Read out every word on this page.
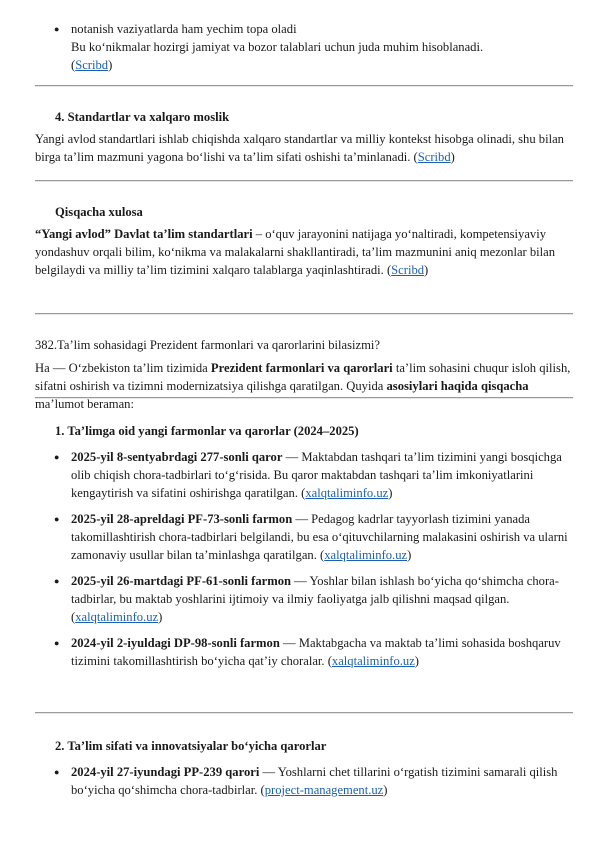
● notanish vaziyatlarda ham yechim topa oladi
Bu ko‘nikmalar hozirgi jamiyat va bozor talablari uchun juda muhim hisoblanadi.
(Scribd)

4. Standartlar va xalqaro moslik

Yangi avlod standartlari ishlab chiqishda xalqaro standartlar va milliy kontekst hisobga olinadi, shu bilan birga ta’lim mazmuni yagona bo‘lishi va ta’lim sifati oshishi ta’minlanadi. (Scribd)

Qisqacha xulosa

“Yangi avlod” Davlat ta’lim standartlari – o‘quv jarayonini natijaga yo‘naltiradi, kompetensiyaviy yondashuv orqali bilim, ko‘nikma va malakalarni shakllantiradi, ta’lim mazmunini aniq mezonlar bilan belgilaydi va milliy ta’lim tizimini xalqaro talablarga yaqinlashtiradi. (Scribd)

382.Ta’lim sohasidagi Prezident farmonlari va qarorlarini bilasizmi?

Ha — O‘zbekiston ta’lim tizimida Prezident farmonlari va qarorlari ta’lim sohasini chuqur isloh qilish, sifatni oshirish va tizimni modernizatsiya qilishga qaratilgan. Quyida asosiylari haqida qisqacha ma’lumot beraman:

1. Ta’limga oid yangi farmonlar va qarorlar (2024–2025)

● 2025-yil 8-sentyabrdagi 277-sonli qaror — Maktabdan tashqari ta’lim tizimini yangi bosqichga olib chiqish chora-tadbirlari to‘g‘risida. Bu qaror maktabdan tashqari ta’lim imkoniyatlarini kengaytirish va sifatini oshirishga qaratilgan. (xalqtaliminfo.uz)
● 2025-yil 28-apreldagi PF-73-sonli farmon — Pedagog kadrlar tayyorlash tizimini yanada takomillashtirish chora-tadbirlari belgilandi, bu esa o‘qituvchilarning malakasini oshirish va ularni zamonaviy usullar bilan ta’minlashga qaratilgan. (xalqtaliminfo.uz)
● 2025-yil 26-martdagi PF-61-sonli farmon — Yoshlar bilan ishlash bo‘yicha qo‘shimcha chora-tadbirlar, bu maktab yoshlarini ijtimoiy va ilmiy faoliyatga jalb qilishni maqsad qilgan. (xalqtaliminfo.uz)
● 2024-yil 2-iyuldagi DP-98-sonli farmon — Maktabgacha va maktab ta’limi sohasida boshqaruv tizimini takomillashtirish bo‘yicha qat’iy choralar. (xalqtaliminfo.uz)

2. Ta’lim sifati va innovatsiyalar bo‘yicha qarorlar

● 2024-yil 27-iyundagi PP-239 qarori — Yoshlarni chet tillarini o‘rgatish tizimini samarali qilish bo‘yicha qo‘shimcha chora-tadbirlar. (project-management.uz)
